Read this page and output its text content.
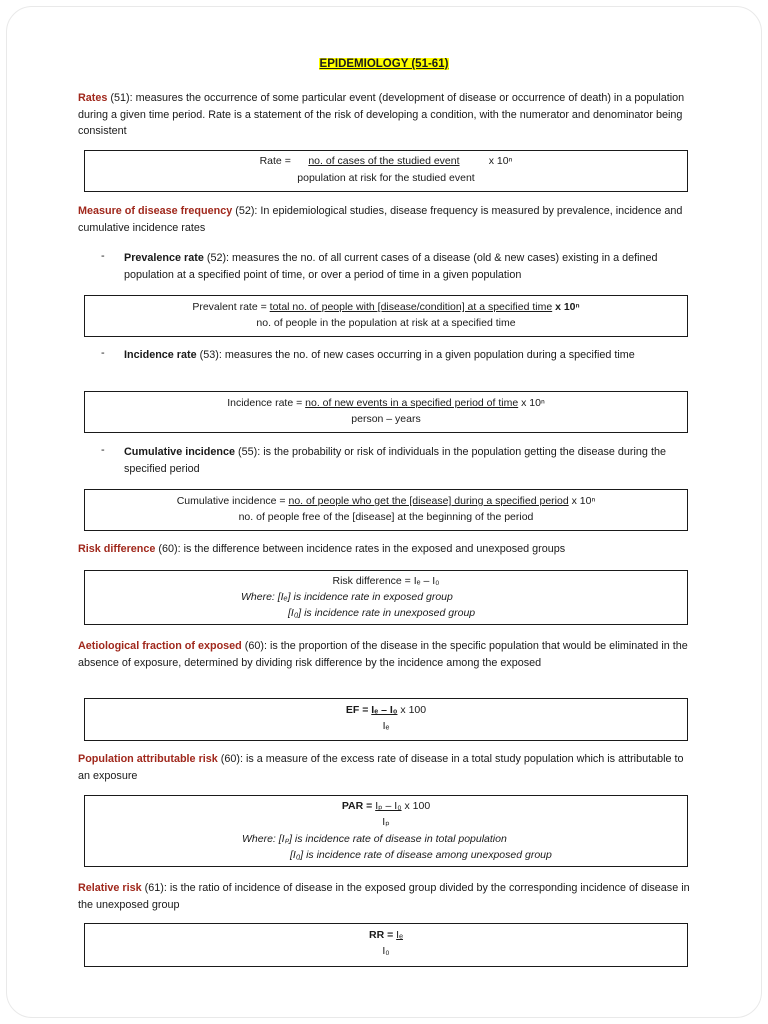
EPIDEMIOLOGY (51-61)
Rates (51): measures the occurrence of some particular event (development of disease or occurrence of death) in a population during a given time period. Rate is a statement of the risk of developing a condition, with the numerator and denominator being consistent
Rate = no. of cases of the studied event	x 10ⁿ
population at risk for the studied event
Measure of disease frequency (52): In epidemiological studies, disease frequency is measured by prevalence, incidence and cumulative incidence rates
- Prevalence rate (52): measures the no. of all current cases of a disease (old & new cases) existing in a defined population at a specified point of time, or over a period of time in a given population
Prevalent rate = total no. of people with [disease/condition] at a specified time x 10ⁿ
no. of people in the population at risk at a specified time
- Incidence rate (53): measures the no. of new cases occurring in a given population during a specified time
Incidence rate = no. of new events in a specified period of time x 10ⁿ
person – years
- Cumulative incidence (55): is the probability or risk of individuals in the population getting the disease during the specified period
Cumulative incidence = no. of people who get the [disease] during a specified period x 10ⁿ
no. of people free of the [disease] at the beginning of the period
Risk difference (60): is the difference between incidence rates in the exposed and unexposed groups
Risk difference = Iₑ – I₀
Where: [Iₑ] is incidence rate in exposed group
[I₀] is incidence rate in unexposed group
Aetiological fraction of exposed (60): is the proportion of the disease in the specific population that would be eliminated in the absence of exposure, determined by dividing risk difference by the incidence among the exposed
EF = Iₑ – I₀ x 100
Iₑ
Population attributable risk (60): is a measure of the excess rate of disease in a total study population which is attributable to an exposure
PAR = Iₚ – I₀ x 100
Iₚ
Where: [Iₚ] is incidence rate of disease in total population
[I₀] is incidence rate of disease among unexposed group
Relative risk (61): is the ratio of incidence of disease in the exposed group divided by the corresponding incidence of disease in the unexposed group
RR = Iₑ
I₀
